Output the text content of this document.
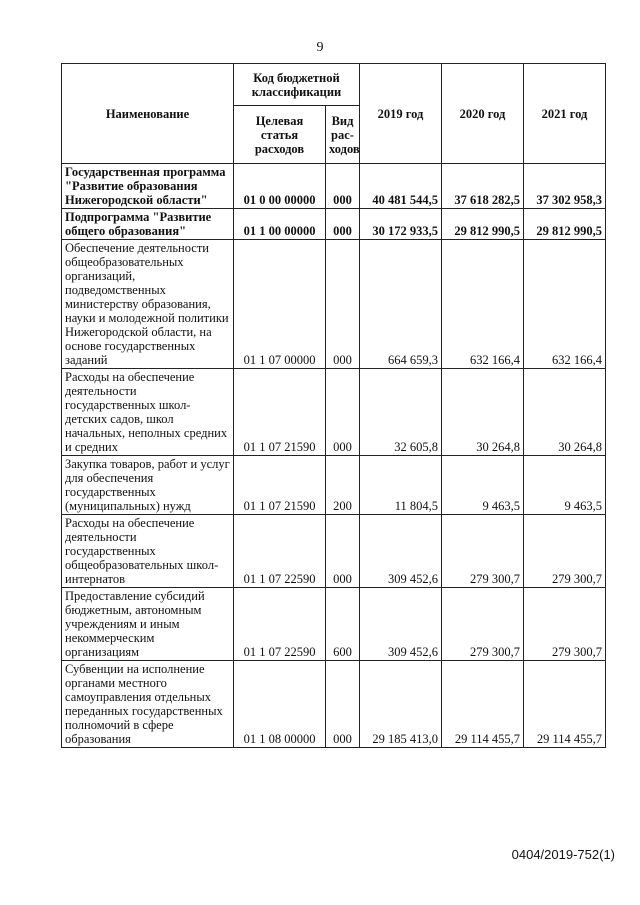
9
Наименование	Код бюджетной классификации		2019 год	2020 год	2021 год
	Целевая статья расходов	Вид рас- ходов			
Государственная программа "Развитие образования Нижегородской области"	01 0 00 00000	000	40 481 544,5	37 618 282,5	37 302 958,3
Подпрограмма "Развитие общего образования"	01 1 00 00000	000	30 172 933,5	29 812 990,5	29 812 990,5
Обеспечение деятельности общеобразовательных организаций, подведомственных министерству образования, науки и молодежной политики Нижегородской области, на основе государственных заданий	01 1 07 00000	000	664 659,3	632 166,4	632 166,4
Расходы на обеспечение деятельности государственных школ-детских садов, школ начальных, неполных средних и средних	01 1 07 21590	000	32 605,8	30 264,8	30 264,8
Закупка товаров, работ и услуг для обеспечения государственных (муниципальных) нужд	01 1 07 21590	200	11 804,5	9 463,5	9 463,5
Расходы на обеспечение деятельности государственных общеобразовательных школ-интернатов	01 1 07 22590	000	309 452,6	279 300,7	279 300,7
Предоставление субсидий бюджетным, автономным учреждениям и иным некоммерческим организациям	01 1 07 22590	600	309 452,6	279 300,7	279 300,7
Субвенции на исполнение органами местного самоуправления отдельных переданных государственных полномочий в сфере образования	01 1 08 00000	000	29 185 413,0	29 114 455,7	29 114 455,7
0404/2019-752(1)
